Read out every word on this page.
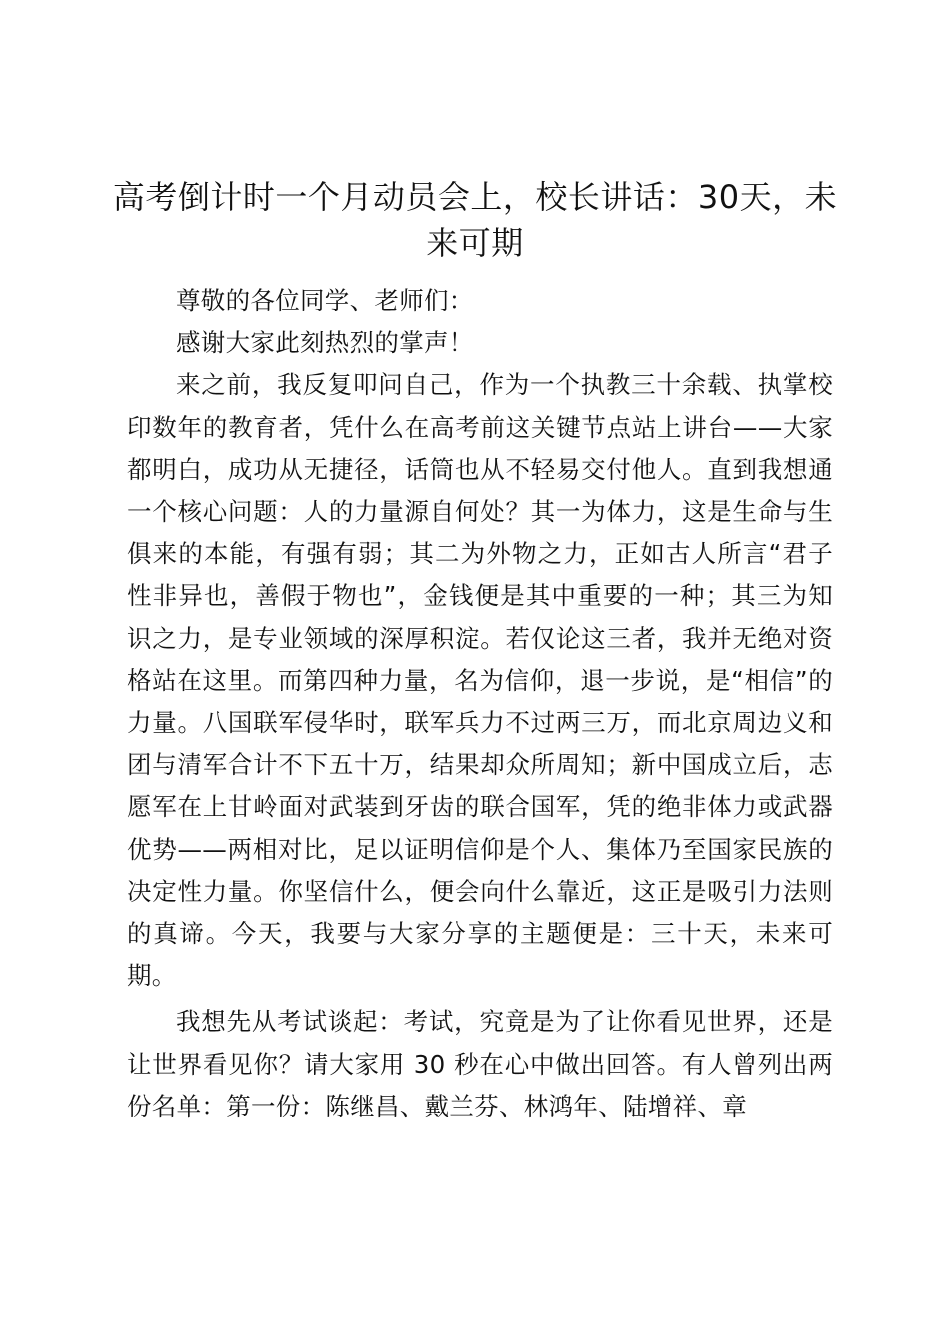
高考倒计时一个月动员会上，校长讲话：30天，未来可期

尊敬的各位同学、老师们：

感谢大家此刻热烈的掌声！

来之前，我反复叩问自己，作为一个执教三十余载、执掌校印数年的教育者，凭什么在高考前这关键节点站上讲台——大家都明白，成功从无捷径，话筒也从不轻易交付他人。直到我想通一个核心问题：人的力量源自何处？其一为体力，这是生命与生俱来的本能，有强有弱；其二为外物之力，正如古人所言“君子性非异也，善假于物也”，金钱便是其中重要的一种；其三为知识之力，是专业领域的深厚积淀。若仅论这三者，我并无绝对资格站在这里。而第四种力量，名为信仰，退一步说，是“相信”的力量。八国联军侵华时，联军兵力不过两三万，而北京周边义和团与清军合计不下五十万，结果却众所周知；新中国成立后，志愿军在上甘岭面对武装到牙齿的联合国军，凭的绝非体力或武器优势——两相对比，足以证明信仰是个人、集体乃至国家民族的决定性力量。你坚信什么，便会向什么靠近，这正是吸引力法则的真谛。今天，我要与大家分享的主题便是：三十天，未来可期。

我想先从考试谈起：考试，究竟是为了让你看见世界，还是让世界看见你？请大家用 30 秒在心中做出回答。有人曾列出两份名单：第一份：陈继昌、戴兰芬、林鸿年、陆增祥、章
